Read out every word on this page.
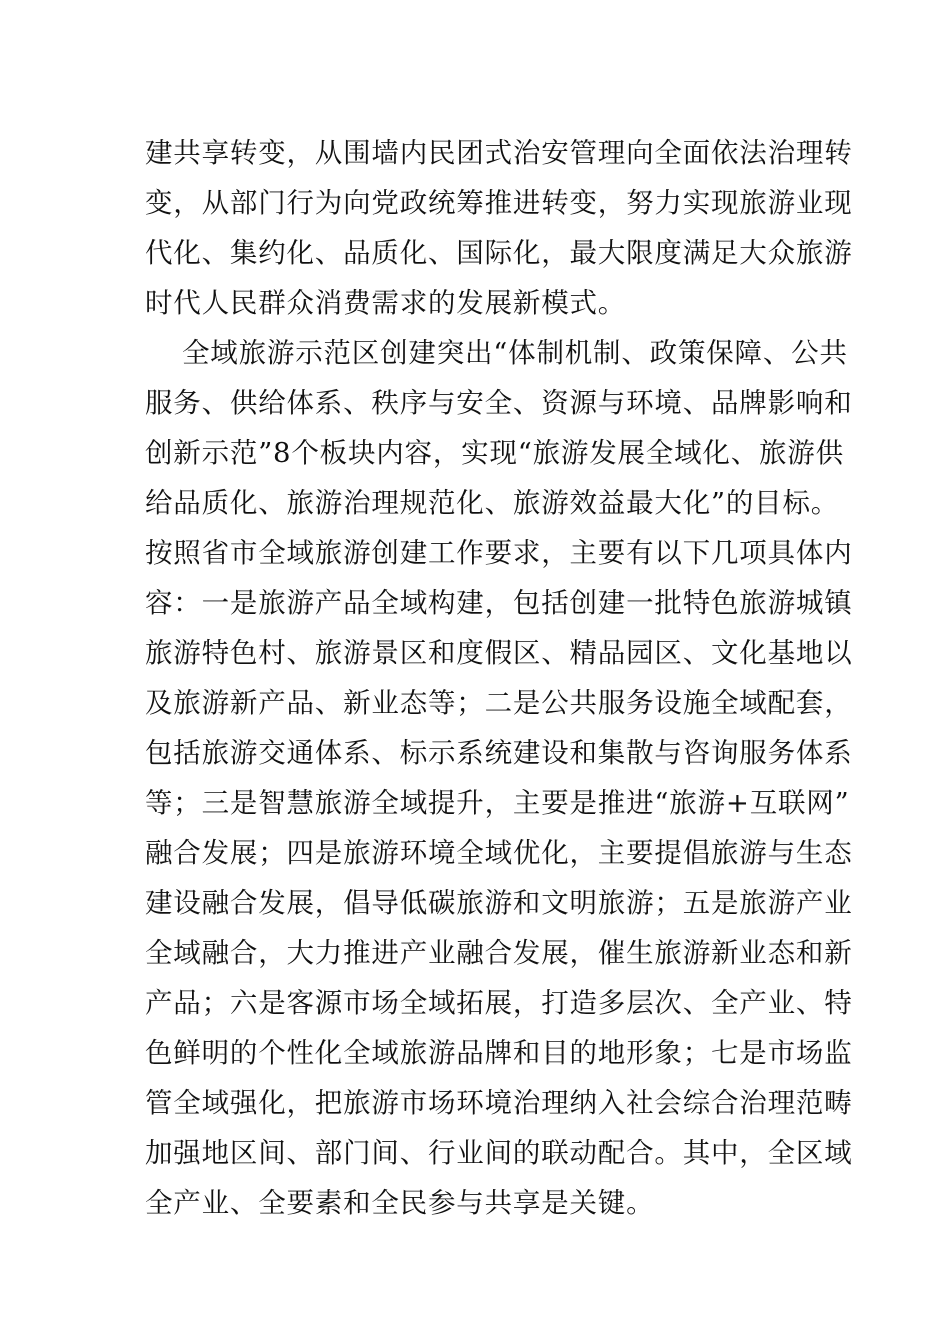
建共享转变，从围墙内民团式治安管理向全面依法治理转
变，从部门行为向党政统筹推进转变，努力实现旅游业现
代化、集约化、品质化、国际化，最大限度满足大众旅游
时代人民群众消费需求的发展新模式。
全域旅游示范区创建突出“体制机制、政策保障、公共
服务、供给体系、秩序与安全、资源与环境、品牌影响和
创新示范”8个板块内容，实现“旅游发展全域化、旅游供
给品质化、旅游治理规范化、旅游效益最大化”的目标。
按照省市全域旅游创建工作要求，主要有以下几项具体内
容：一是旅游产品全域构建，包括创建一批特色旅游城镇
旅游特色村、旅游景区和度假区、精品园区、文化基地以
及旅游新产品、新业态等；二是公共服务设施全域配套，
包括旅游交通体系、标示系统建设和集散与咨询服务体系
等；三是智慧旅游全域提升，主要是推进“旅游+互联网”
融合发展；四是旅游环境全域优化，主要提倡旅游与生态
建设融合发展，倡导低碳旅游和文明旅游；五是旅游产业
全域融合，大力推进产业融合发展，催生旅游新业态和新
产品；六是客源市场全域拓展，打造多层次、全产业、特
色鲜明的个性化全域旅游品牌和目的地形象；七是市场监
管全域强化，把旅游市场环境治理纳入社会综合治理范畴
加强地区间、部门间、行业间的联动配合。其中，全区域
全产业、全要素和全民参与共享是关键。
